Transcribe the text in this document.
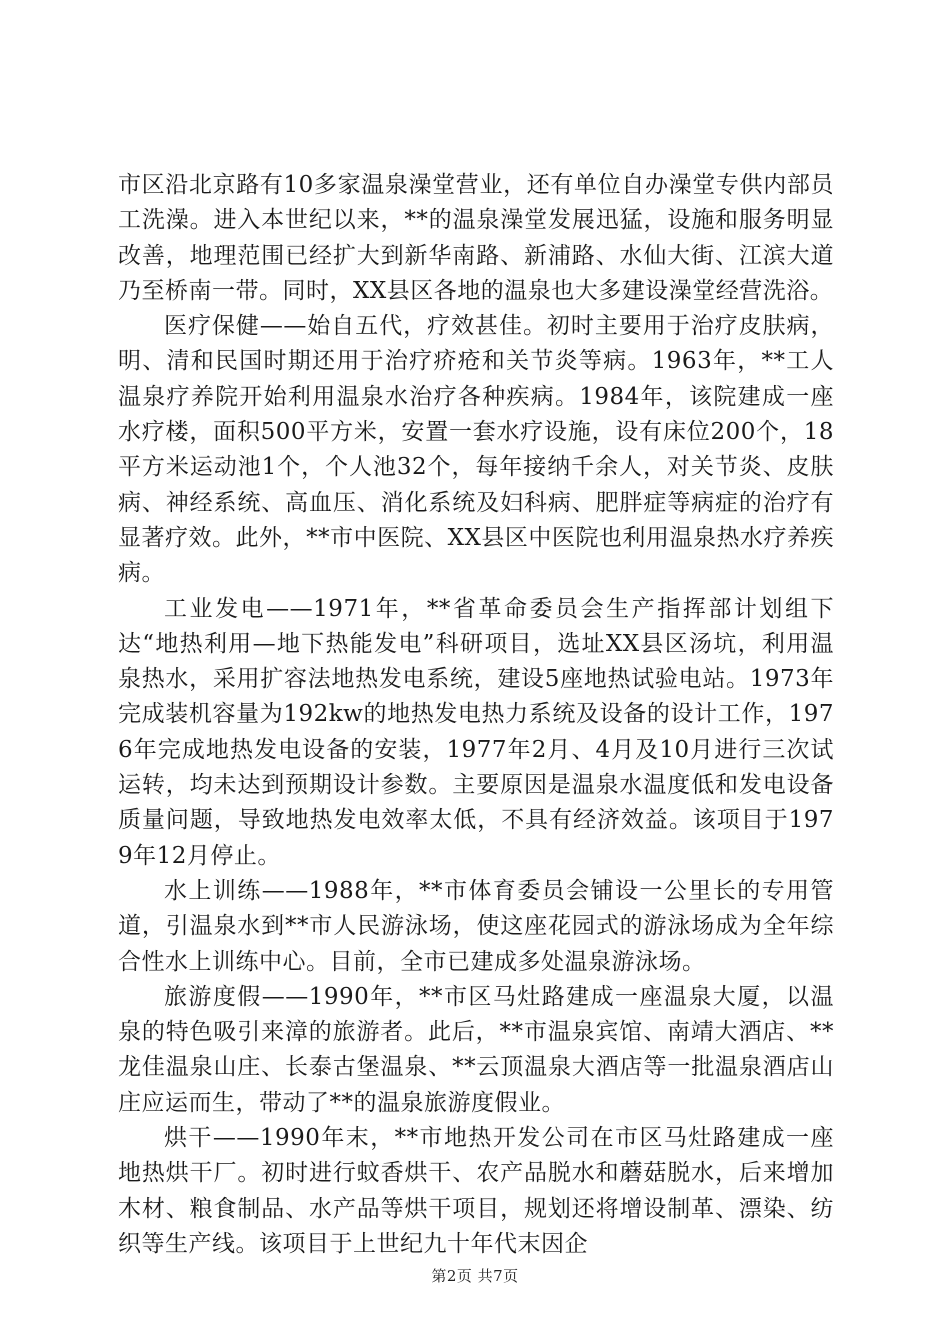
市区沿北京路有10多家温泉澡堂营业，还有单位自办澡堂专供内部员工洗澡。进入本世纪以来，**的温泉澡堂发展迅猛，设施和服务明显改善，地理范围已经扩大到新华南路、新浦路、水仙大街、江滨大道乃至桥南一带。同时，XX县区各地的温泉也大多建设澡堂经营洗浴。

医疗保健——始自五代，疗效甚佳。初时主要用于治疗皮肤病，明、清和民国时期还用于治疗疥疮和关节炎等病。1963年，**工人温泉疗养院开始利用温泉水治疗各种疾病。1984年，该院建成一座水疗楼，面积500平方米，安置一套水疗设施，设有床位200个，18平方米运动池1个，个人池32个，每年接纳千余人，对关节炎、皮肤病、神经系统、高血压、消化系统及妇科病、肥胖症等病症的治疗有显著疗效。此外，**市中医院、XX县区中医院也利用温泉热水疗养疾病。

工业发电——1971年，**省革命委员会生产指挥部计划组下达“地热利用—地下热能发电”科研项目，选址XX县区汤坑，利用温泉热水，采用扩容法地热发电系统，建设5座地热试验电站。1973年完成装机容量为192kw的地热发电热力系统及设备的设计工作，1976年完成地热发电设备的安装，1977年2月、4月及10月进行三次试运转，均未达到预期设计参数。主要原因是温泉水温度低和发电设备质量问题，导致地热发电效率太低，不具有经济效益。该项目于1979年12月停止。

水上训练——1988年，**市体育委员会铺设一公里长的专用管道，引温泉水到**市人民游泳场，使这座花园式的游泳场成为全年综合性水上训练中心。目前，全市已建成多处温泉游泳场。

旅游度假——1990年，**市区马灶路建成一座温泉大厦，以温泉的特色吸引来漳的旅游者。此后，**市温泉宾馆、南靖大酒店、**龙佳温泉山庄、长泰古堡温泉、**云顶温泉大酒店等一批温泉酒店山庄应运而生，带动了**的温泉旅游度假业。

烘干——1990年末，**市地热开发公司在市区马灶路建成一座地热烘干厂。初时进行蚊香烘干、农产品脱水和蘑菇脱水，后来增加木材、粮食制品、水产品等烘干项目，规划还将增设制革、漂染、纺织等生产线。该项目于上世纪九十年代末因企

第2页 共7页
